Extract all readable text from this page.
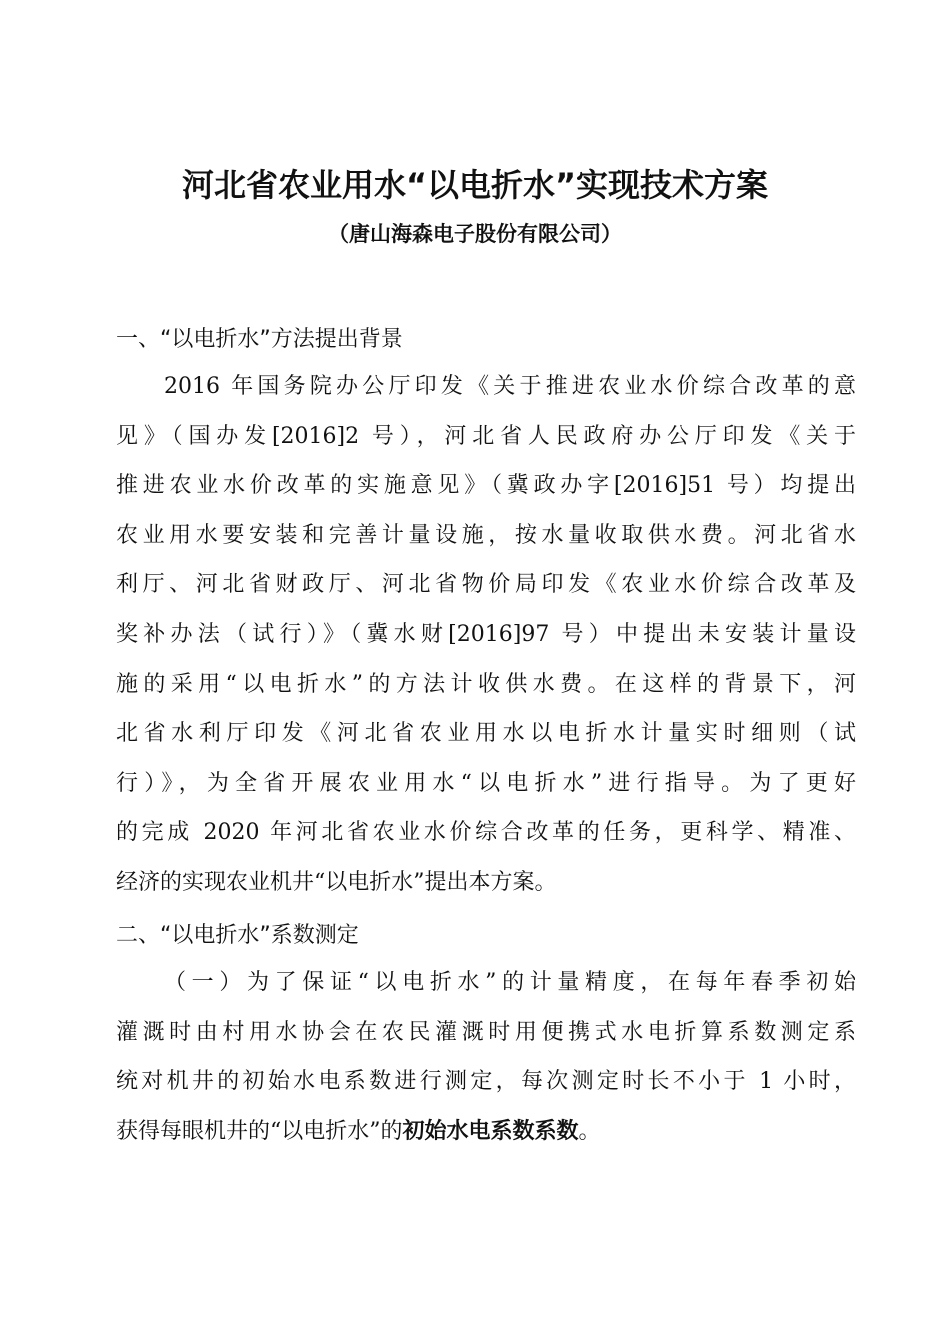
河北省农业用水“以电折水”实现技术方案
（唐山海森电子股份有限公司）
一、“以电折水”方法提出背景
2016 年国务院办公厅印发《关于推进农业水价综合改革的意
见》（国办发[2016]2 号），河北省人民政府办公厅印发《关于
推进农业水价改革的实施意见》（冀政办字[2016]51 号）均提出
农业用水要安装和完善计量设施，按水量收取供水费。河北省水
利厅、河北省财政厅、河北省物价局印发《农业水价综合改革及
奖补办法（试行）》（冀水财[2016]97 号）中提出未安装计量设
施的采用“以电折水”的方法计收供水费。在这样的背景下，河
北省水利厅印发《河北省农业用水以电折水计量实时细则（试
行）》，为全省开展农业用水“以电折水”进行指导。为了更好
的完成 2020 年河北省农业水价综合改革的任务，更科学、精准、
经济的实现农业机井“以电折水”提出本方案。
二、“以电折水”系数测定
（一）为了保证“以电折水”的计量精度，在每年春季初始
灌溉时由村用水协会在农民灌溉时用便携式水电折算系数测定系
统对机井的初始水电系数进行测定，每次测定时长不小于 1 小时，
获得每眼机井的“以电折水”的初始水电系数系数。
